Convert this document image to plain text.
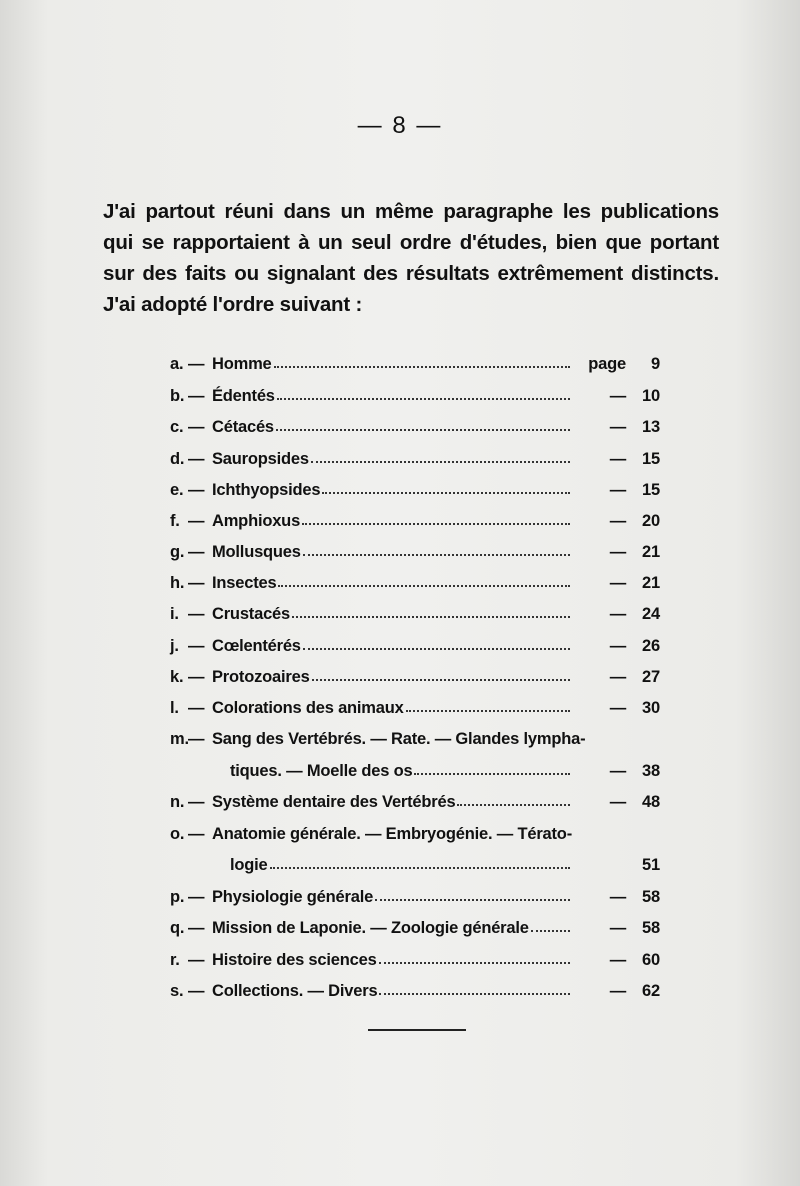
— 8 —
J'ai partout réuni dans un même paragraphe les publications qui se rapportaient à un seul ordre d'études, bien que portant sur des faits ou signalant des résultats extrêmement distincts. J'ai adopté l'ordre suivant :
a. — Homme	page	9
b. — Édentés	— 10
c. — Cétacés	— 13
d. — Sauropsides	— 15
e. — Ichthyopsides	— 15
f. — Amphioxus	— 20
g. — Mollusques	— 21
h. — Insectes	— 21
i. — Crustacés	— 24
j. — Cœlentérés	— 26
k. — Protozoaires	— 27
l. — Colorations des animaux	— 30
m. — Sang des Vertébrés. — Rate. — Glandes lympha-
tiques. — Moelle des os	— 38
n. — Système dentaire des Vertébrés	— 48
o. — Anatomie générale. — Embryogénie. — Térato-
logie	51
p. — Physiologie générale	— 58
q. — Mission de Laponie. — Zoologie générale	— 58
r. — Histoire des sciences	— 60
s. — Collections. — Divers	— 62
